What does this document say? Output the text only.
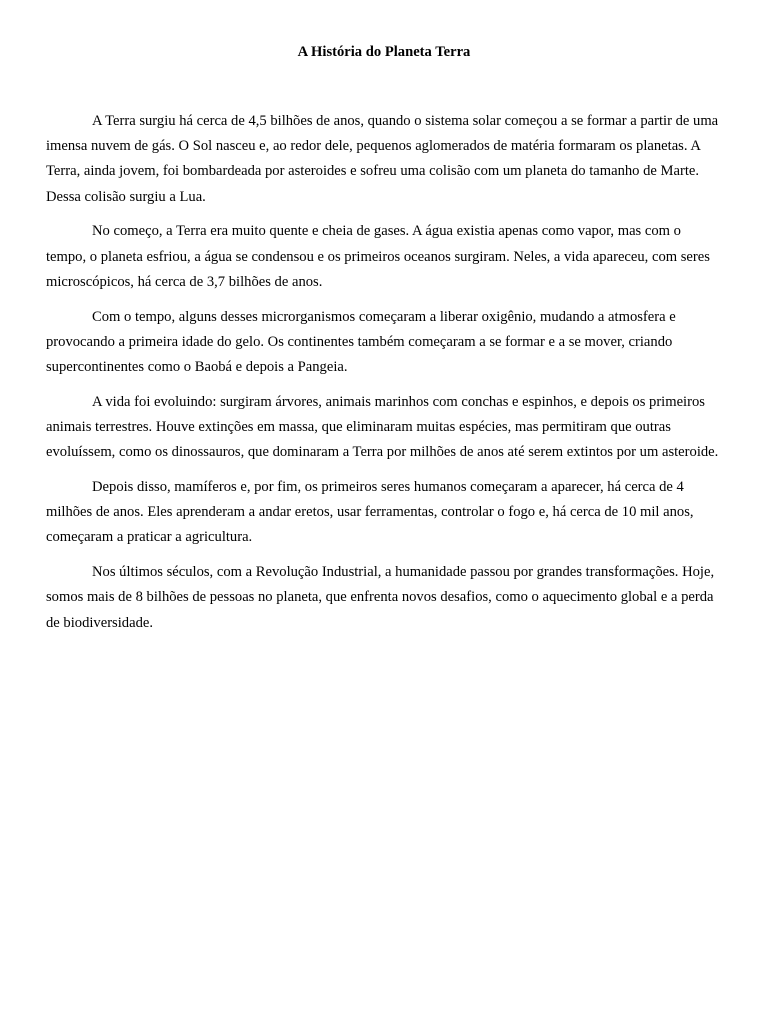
A História do Planeta Terra

A Terra surgiu há cerca de 4,5 bilhões de anos, quando o sistema solar começou a se formar a partir de uma imensa nuvem de gás. O Sol nasceu e, ao redor dele, pequenos aglomerados de matéria formaram os planetas. A Terra, ainda jovem, foi bombardeada por asteroides e sofreu uma colisão com um planeta do tamanho de Marte. Dessa colisão surgiu a Lua.

No começo, a Terra era muito quente e cheia de gases. A água existia apenas como vapor, mas com o tempo, o planeta esfriou, a água se condensou e os primeiros oceanos surgiram. Neles, a vida apareceu, com seres microscópicos, há cerca de 3,7 bilhões de anos.

Com o tempo, alguns desses microrganismos começaram a liberar oxigênio, mudando a atmosfera e provocando a primeira idade do gelo. Os continentes também começaram a se formar e a se mover, criando supercontinentes como o Baobá e depois a Pangeia.

A vida foi evoluindo: surgiram árvores, animais marinhos com conchas e espinhos, e depois os primeiros animais terrestres. Houve extinções em massa, que eliminaram muitas espécies, mas permitiram que outras evoluíssem, como os dinossauros, que dominaram a Terra por milhões de anos até serem extintos por um asteroide.

Depois disso, mamíferos e, por fim, os primeiros seres humanos começaram a aparecer, há cerca de 4 milhões de anos. Eles aprenderam a andar eretos, usar ferramentas, controlar o fogo e, há cerca de 10 mil anos, começaram a praticar a agricultura.

Nos últimos séculos, com a Revolução Industrial, a humanidade passou por grandes transformações. Hoje, somos mais de 8 bilhões de pessoas no planeta, que enfrenta novos desafios, como o aquecimento global e a perda de biodiversidade.
